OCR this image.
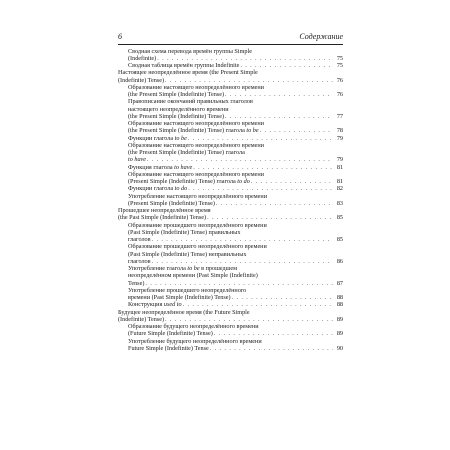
6	Содержание
Сводная схема перевода времён группы Simple
(Indefinite) . . .	75
Сводная таблица времён группы Indefinite . . .	75
Настоящее неопределённое время (the Present Simple
(Indefinite) Tense) . . .	76
Образование настоящего неопределённого времени
(the Present Simple (Indefinite) Tense) . . .	76
Правописание окончаний правильных глаголов
настоящего неопределённого времени
(the Present Simple (Indefinite) Tense) . . .	77
Образование настоящего неопределённого времени
(the Present Simple (Indefinite) Tense) глагола to be . . .	78
Функции глагола to be . . .	79
Образование настоящего неопределённого времени
(the Present Simple (Indefinite) Tense) глагола
to have . . .	79
Функция глагола to have . . .	81
Образование настоящего неопределённого времени
(Present Simple (Indefinite) Tense) глагола to do . . .	81
Функции глагола to do . . .	82
Употребление настоящего неопределённого времени
(Present Simple (Indefinite) Tense) . . .	83
Прошедшее неопределённое время
(the Past Simple (Indefinite) Tense) . . .	85
Образование прошедшего неопределённого времени
(Past Simple (Indefinite) Tense) правильных
глаголов . . .	85
Образование прошедшего неопределённого времени
(Past Simple (Indefinite) Tense) неправильных
глаголов . . .	86
Употребление глагола to be в прошедшем
неопределённом времени (Past Simple (Indefinite)
Tense) . . .	87
Употребление прошедшего неопределённого
времени (Past Simple (Indefinite) Tense) . . .	88
Конструкция used to . . .	88
Будущее неопределённое время (the Future Simple
(Indefinite) Tense) . . .	89
Образование будущего неопределённого времени
(Future Simple (Indefinite) Tense) . . .	89
Употребление будущего неопределённого времени
Future Simple (Indefinite) Tense . . .	90
